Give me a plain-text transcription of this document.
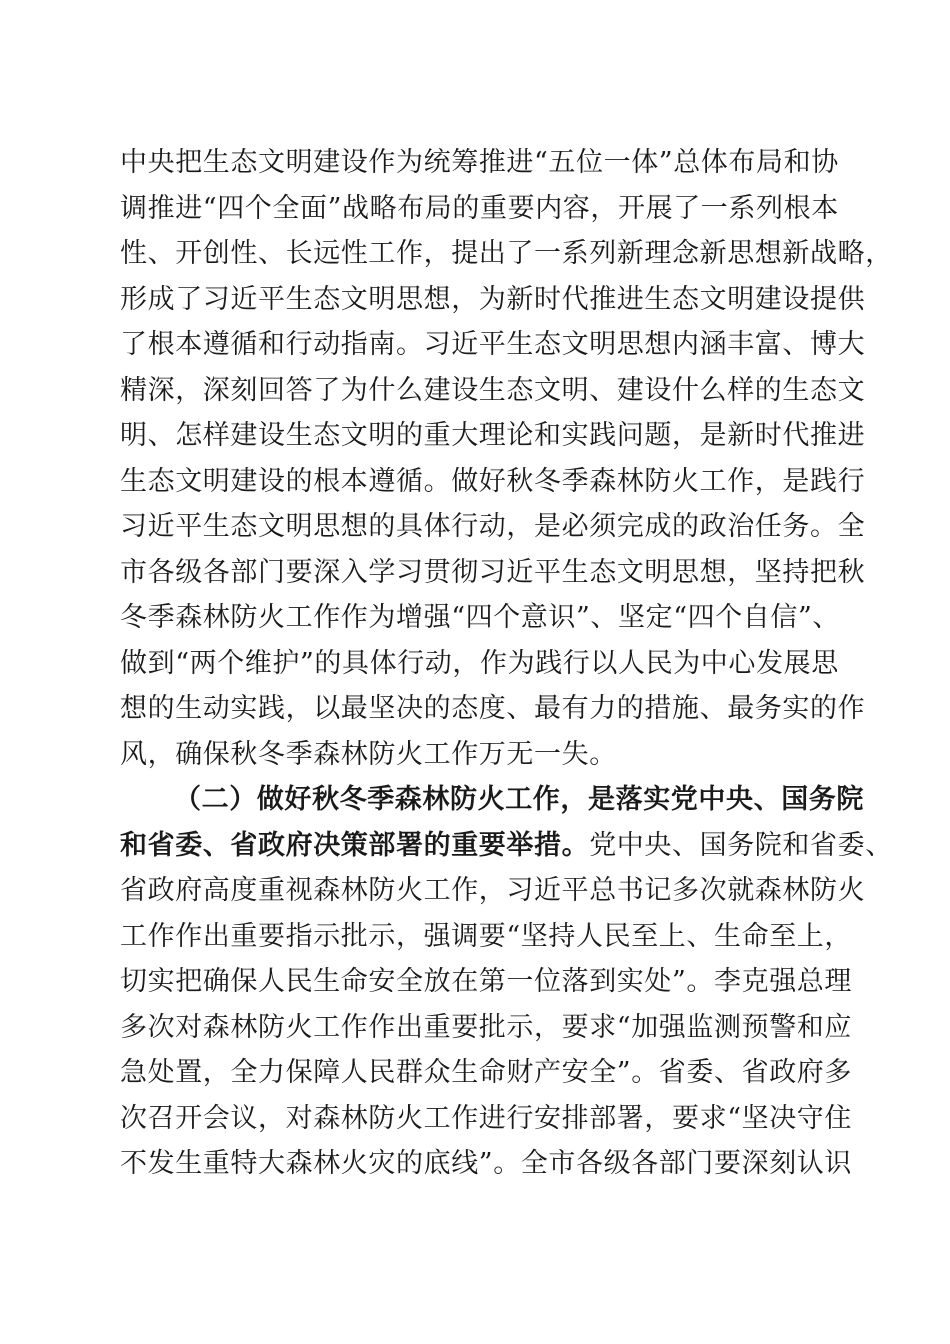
中央把生态文明建设作为统筹推进“五位一体”总体布局和协
调推进“四个全面”战略布局的重要内容，开展了一系列根本
性、开创性、长远性工作，提出了一系列新理念新思想新战略，
形成了习近平生态文明思想，为新时代推进生态文明建设提供
了根本遵循和行动指南。习近平生态文明思想内涵丰富、博大
精深，深刻回答了为什么建设生态文明、建设什么样的生态文
明、怎样建设生态文明的重大理论和实践问题，是新时代推进
生态文明建设的根本遵循。做好秋冬季森林防火工作，是践行
习近平生态文明思想的具体行动，是必须完成的政治任务。全
市各级各部门要深入学习贯彻习近平生态文明思想，坚持把秋
冬季森林防火工作作为增强“四个意识”、坚定“四个自信”、
做到“两个维护”的具体行动，作为践行以人民为中心发展思
想的生动实践，以最坚决的态度、最有力的措施、最务实的作
风，确保秋冬季森林防火工作万无一失。
（二）做好秋冬季森林防火工作，是落实党中央、国务院
和省委、省政府决策部署的重要举措。党中央、国务院和省委、
省政府高度重视森林防火工作，习近平总书记多次就森林防火
工作作出重要指示批示，强调要“坚持人民至上、生命至上，
切实把确保人民生命安全放在第一位落到实处”。李克强总理
多次对森林防火工作作出重要批示，要求“加强监测预警和应
急处置，全力保障人民群众生命财产安全”。省委、省政府多
次召开会议，对森林防火工作进行安排部署，要求“坚决守住
不发生重特大森林火灾的底线”。全市各级各部门要深刻认识
